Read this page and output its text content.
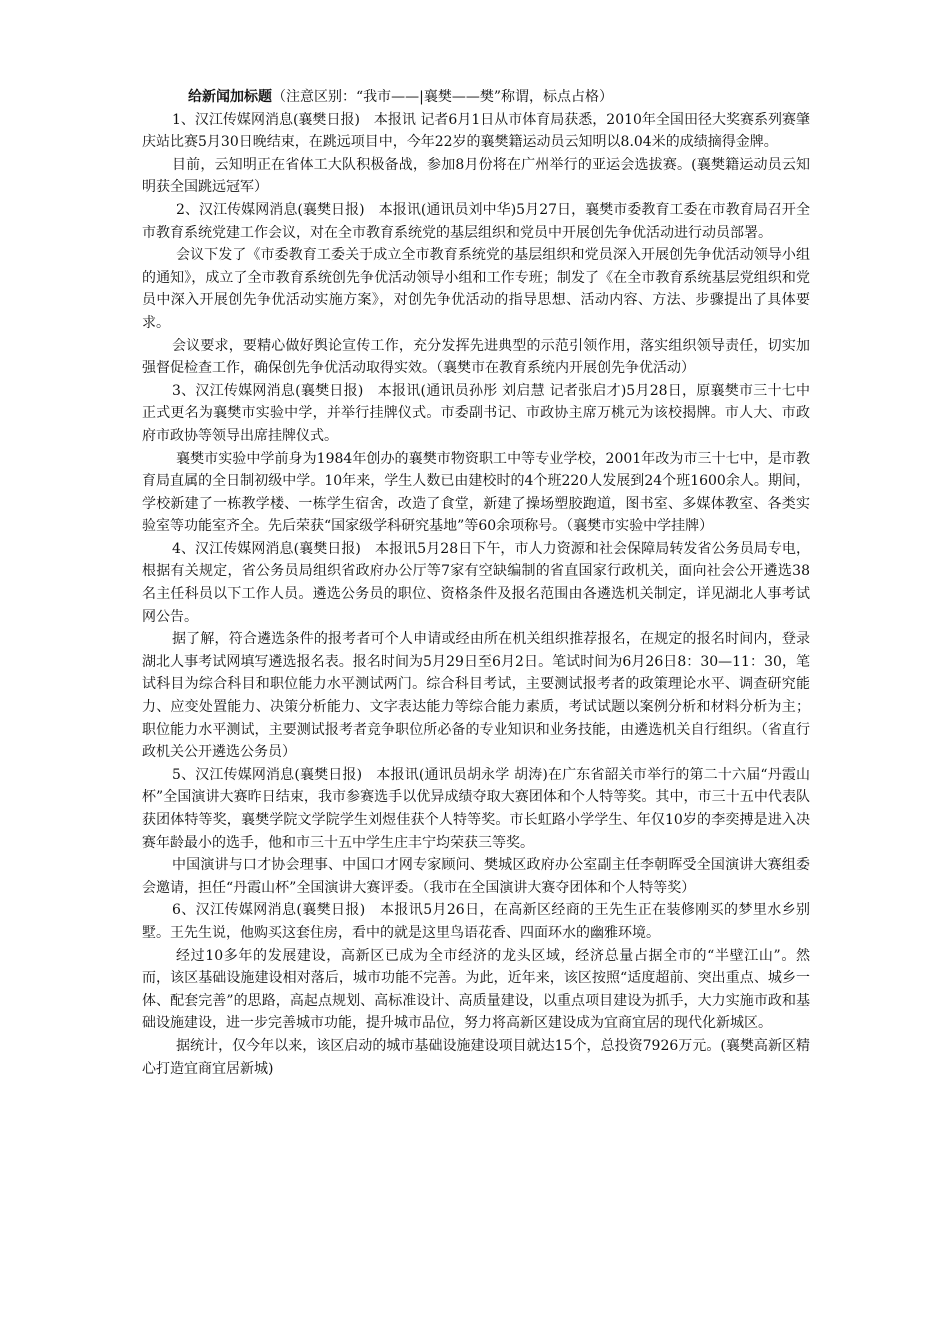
给新闻加标题（注意区别：“我市——|襄樊——樊”称谓，标点占格）

1、汉江传媒网消息(襄樊日报)　本报讯 记者6月1日从市体育局获悉，2010年全国田径大奖赛系列赛肇庆站比赛5月30日晚结束，在跳远项目中，今年22岁的襄樊籍运动员云知明以8.04米的成绩摘得金牌。

目前，云知明正在省体工大队积极备战，参加8月份将在广州举行的亚运会选拔赛。(襄樊籍运动员云知明获全国跳远冠军）

2、汉江传媒网消息(襄樊日报)　本报讯(通讯员刘中华)5月27日，襄樊市委教育工委在市教育局召开全市教育系统党建工作会议，对在全市教育系统党的基层组织和党员中开展创先争优活动进行动员部署。

会议下发了《市委教育工委关于成立全市教育系统党的基层组织和党员深入开展创先争优活动领导小组的通知》，成立了全市教育系统创先争优活动领导小组和工作专班；制发了《在全市教育系统基层党组织和党员中深入开展创先争优活动实施方案》，对创先争优活动的指导思想、活动内容、方法、步骤提出了具体要求。

会议要求，要精心做好舆论宣传工作，充分发挥先进典型的示范引领作用，落实组织领导责任，切实加强督促检查工作，确保创先争优活动取得实效。（襄樊市在教育系统内开展创先争优活动）

3、汉江传媒网消息(襄樊日报)　本报讯(通讯员孙彤 刘启慧 记者张启才)5月28日，原襄樊市三十七中正式更名为襄樊市实验中学，并举行挂牌仪式。市委副书记、市政协主席万桃元为该校揭牌。市人大、市政府市政协等领导出席挂牌仪式。

襄樊市实验中学前身为1984年创办的襄樊市物资职工中等专业学校，2001年改为市三十七中，是市教育局直属的全日制初级中学。10年来，学生人数已由建校时的4个班220人发展到24个班1600余人。期间，学校新建了一栋教学楼、一栋学生宿舍，改造了食堂，新建了操场塑胶跑道，图书室、多媒体教室、各类实验室等功能室齐全。先后荣获“国家级学科研究基地”等60余项称号。（襄樊市实验中学挂牌）

4、汉江传媒网消息(襄樊日报)　本报讯5月28日下午，市人力资源和社会保障局转发省公务员局专电，根据有关规定，省公务员局组织省政府办公厅等7家有空缺编制的省直国家行政机关，面向社会公开遴选38名主任科员以下工作人员。遴选公务员的职位、资格条件及报名范围由各遴选机关制定，详见湖北人事考试网公告。

据了解，符合遴选条件的报考者可个人申请或经由所在机关组织推荐报名，在规定的报名时间内，登录湖北人事考试网填写遴选报名表。报名时间为5月29日至6月2日。笔试时间为6月26日8：30—11：30，笔试科目为综合科目和职位能力水平测试两门。综合科目考试，主要测试报考者的政策理论水平、调查研究能力、应变处置能力、决策分析能力、文字表达能力等综合能力素质，考试试题以案例分析和材料分析为主；职位能力水平测试，主要测试报考者竞争职位所必备的专业知识和业务技能，由遴选机关自行组织。（省直行政机关公开遴选公务员）

5、汉江传媒网消息(襄樊日报)　本报讯(通讯员胡永学 胡涛)在广东省韶关市举行的第二十六届“丹霞山杯”全国演讲大赛昨日结束，我市参赛选手以优异成绩夺取大赛团体和个人特等奖。其中，市三十五中代表队获团体特等奖，襄樊学院文学院学生刘煜佳获个人特等奖。市长虹路小学学生、年仅10岁的李奕搏是进入决赛年龄最小的选手，他和市三十五中学生庄丰宁均荣获三等奖。

中国演讲与口才协会理事、中国口才网专家顾问、樊城区政府办公室副主任李朝晖受全国演讲大赛组委会邀请，担任“丹霞山杯”全国演讲大赛评委。（我市在全国演讲大赛夺团体和个人特等奖）

6、汉江传媒网消息(襄樊日报)　本报讯5月26日，在高新区经商的王先生正在装修刚买的梦里水乡别墅。王先生说，他购买这套住房，看中的就是这里鸟语花香、四面环水的幽雅环境。

经过10多年的发展建设，高新区已成为全市经济的龙头区域，经济总量占据全市的“半壁江山”。然而，该区基础设施建设相对落后，城市功能不完善。为此，近年来，该区按照“适度超前、突出重点、城乡一体、配套完善”的思路，高起点规划、高标准设计、高质量建设，以重点项目建设为抓手，大力实施市政和基础设施建设，进一步完善城市功能，提升城市品位，努力将高新区建设成为宜商宜居的现代化新城区。

据统计，仅今年以来，该区启动的城市基础设施建设项目就达15个，总投资7926万元。(襄樊高新区精心打造宜商宜居新城)
